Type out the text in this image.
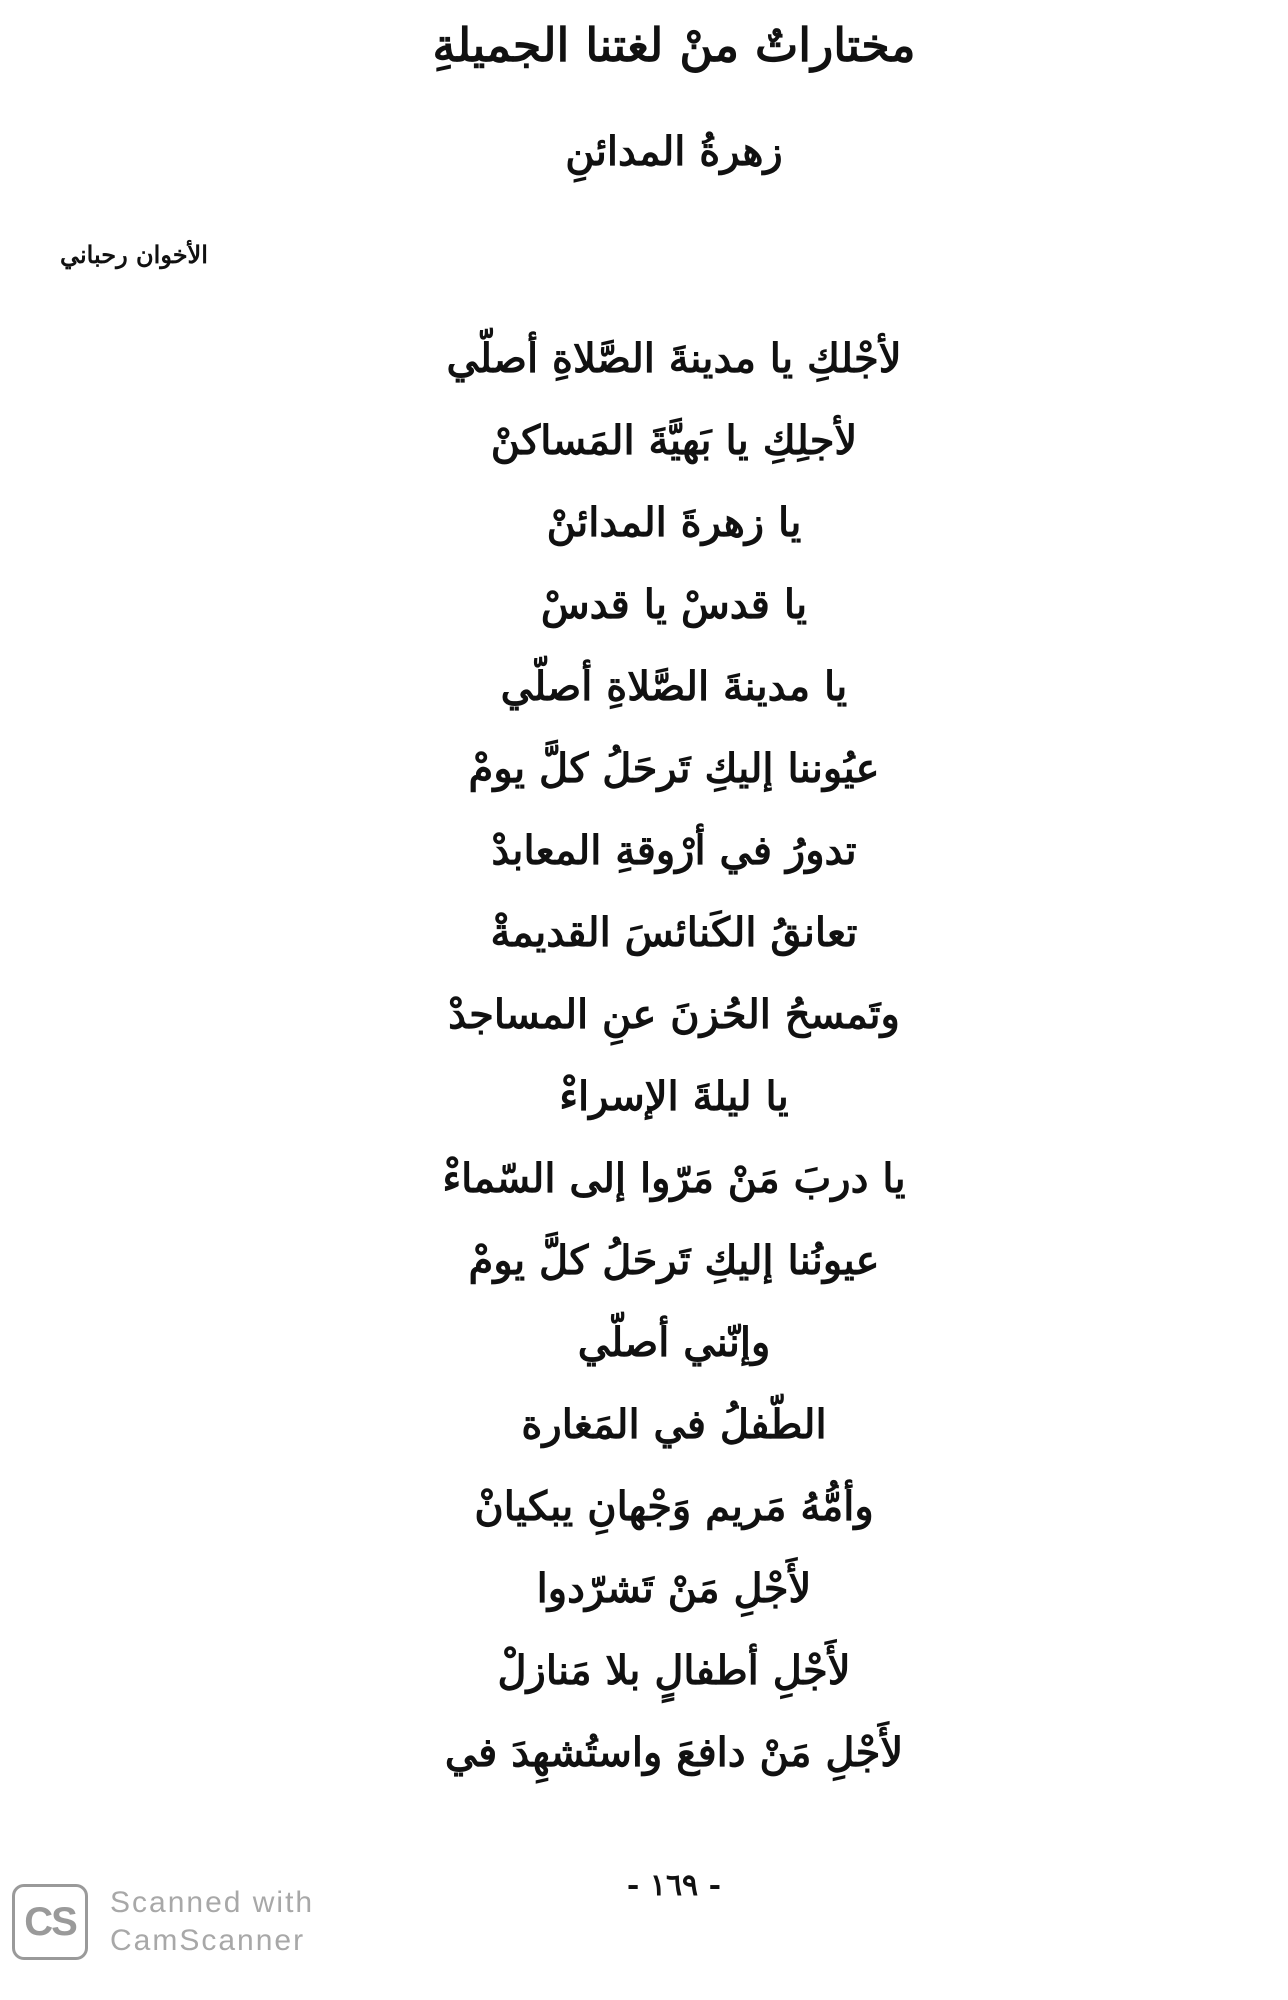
مختاراتٌ منْ لغتنا الجميلةِ
زهرةُ المدائنِ
الأخوان رحباني
لأجْلكِ يا مدينةَ الصَّلاةِ أصلّي
لأجلِكِ يا بَهيَّةَ المَساكنْ
يا زهرةَ المدائنْ
يا قدسْ يا قدسْ
يا مدينةَ الصَّلاةِ أصلّي
عيُوننا إليكِ تَرحَلُ كلَّ يومْ
تدورُ في أرْوقةِ المعابدْ
تعانقُ الكَنائسَ القديمةْ
وتَمسحُ الحُزنَ عنِ المساجدْ
يا ليلةَ الإسراءْ
يا دربَ مَنْ مَرّوا إلى السّماءْ
عيونُنا إليكِ تَرحَلُ كلَّ يومْ
وإنّني أصلّي
الطّفلُ في المَغارة
وأمُّهُ مَريم وَجْهانِ يبكيانْ
لأَجْلِ مَنْ تَشرّدوا
لأَجْلِ أطفالٍ بلا مَنازلْ
لأَجْلِ مَنْ دافعَ واستُشهِدَ في
- ١٦٩ -
CS	Scanned with
CamScanner
